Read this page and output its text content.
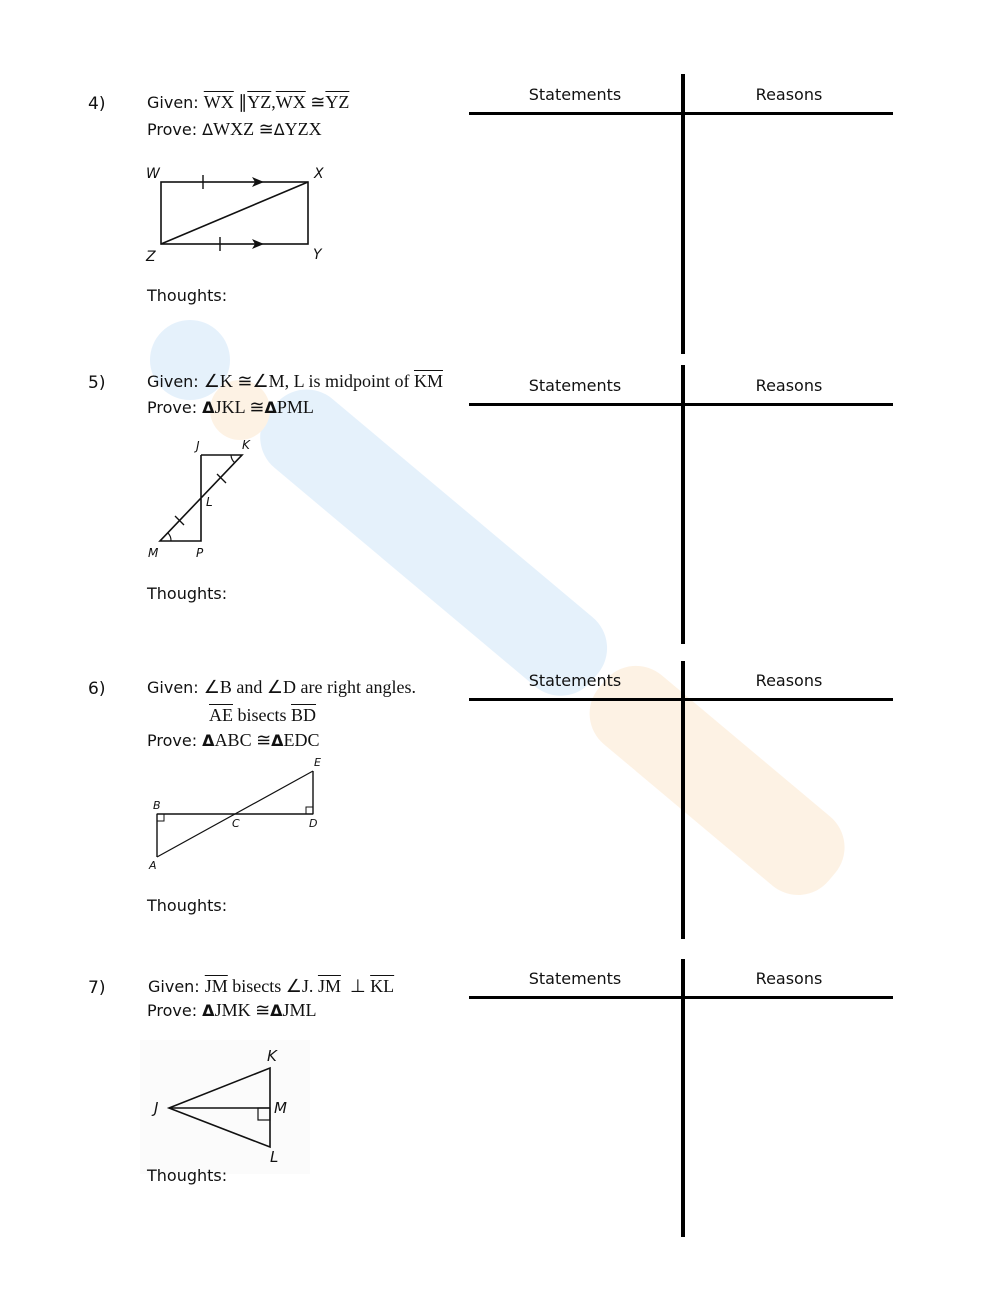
4)	Given: $\overline{WX}$ $\parallel\overline{YZ},\overline{WX}$ $≅\overline{YZ}$
Prove: ΔWXZ ≅ΔYZX
W	X
Z	Y
Thoughts:
Statements	Reasons
5)	Given: ∠K ≅∠M, L is midpoint of $\overline{KM}$
Prove: ΔJKL ≅ΔPML
J	K
L
M	P
Thoughts:
Statements	Reasons
6)	Given: ∠B and ∠D are right angles.
$\overline{AE}$ bisects $\overline{BD}$
Prove: ΔABC ≅ΔEDC
E
B
C	D
A
Thoughts:
Statements	Reasons
7)	Given: $\overline{JM}$ bisects ∠J. $\overline{JM}$  ⊥ $\overline{KL}$
Prove: ΔJMK ≅ΔJML
K
J	M
L
Thoughts:
Statements	Reasons
